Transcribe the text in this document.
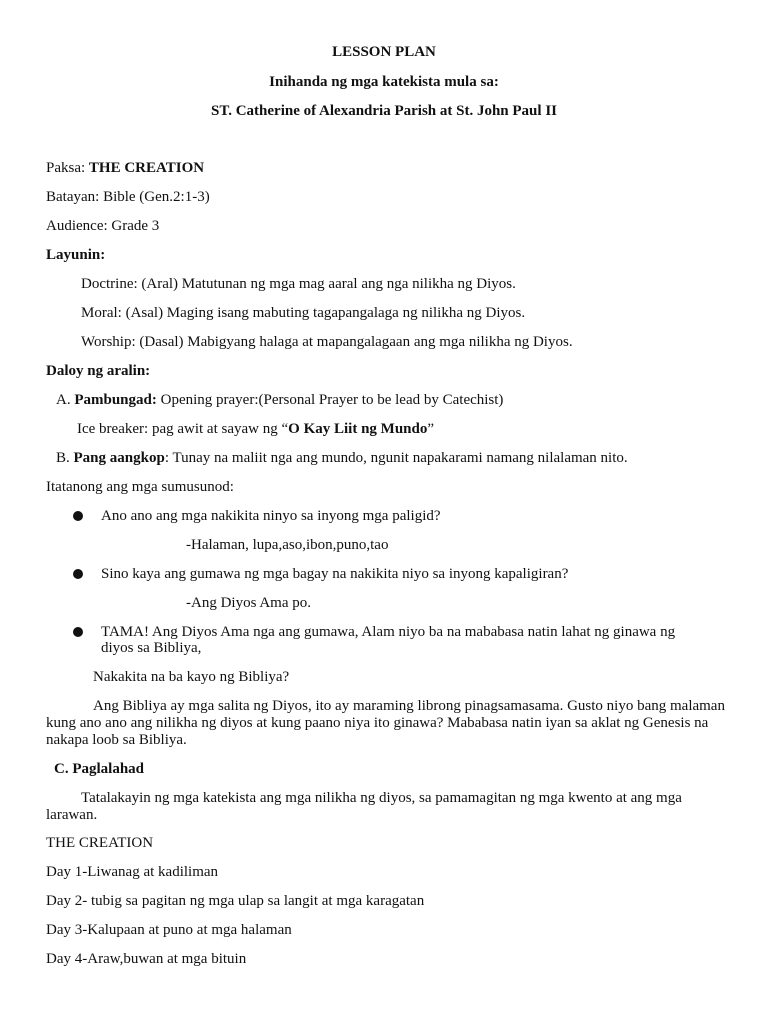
LESSON PLAN
Inihanda ng mga katekista mula sa:
ST. Catherine of Alexandria Parish at St. John Paul II
Paksa: THE CREATION
Batayan: Bible (Gen.2:1-3)
Audience: Grade 3
Layunin:
Doctrine: (Aral) Matutunan ng mga mag aaral ang nga nilikha ng Diyos.
Moral: (Asal) Maging isang mabuting tagapangalaga ng nilikha ng Diyos.
Worship: (Dasal) Mabigyang halaga at mapangalagaan ang mga nilikha ng Diyos.
Daloy ng aralin:
A. Pambungad: Opening prayer:(Personal Prayer to be lead by Catechist)
Ice breaker: pag awit at sayaw ng “O Kay Liit ng Mundo”
B. Pang aangkop: Tunay na maliit nga ang mundo, ngunit napakarami namang nilalaman nito.
Itatanong ang mga sumusunod:
Ano ano ang mga nakikita ninyo sa inyong mga paligid?
-Halaman, lupa,aso,ibon,puno,tao
Sino kaya ang gumawa ng mga bagay na nakikita niyo sa inyong kapaligiran?
-Ang Diyos Ama po.
TAMA! Ang Diyos Ama nga ang gumawa, Alam niyo ba na mababasa natin lahat ng ginawa ng
diyos sa Bibliya,
Nakakita na ba kayo ng Bibliya?
Ang Bibliya ay mga salita ng Diyos, ito ay maraming librong pinagsamasama. Gusto niyo bang malaman kung ano ano ang nilikha ng diyos at kung paano niya ito ginawa? Mababasa natin iyan sa aklat ng Genesis na nakapa loob sa Bibliya.
C. Paglalahad
Tatalakayin ng mga katekista ang mga nilikha ng diyos, sa pamamagitan ng mga kwento at ang mga larawan.
THE CREATION
Day 1-Liwanag at kadiliman
Day 2- tubig sa pagitan ng mga ulap sa langit at mga karagatan
Day 3-Kalupaan at puno at mga halaman
Day 4-Araw,buwan at mga bituin
